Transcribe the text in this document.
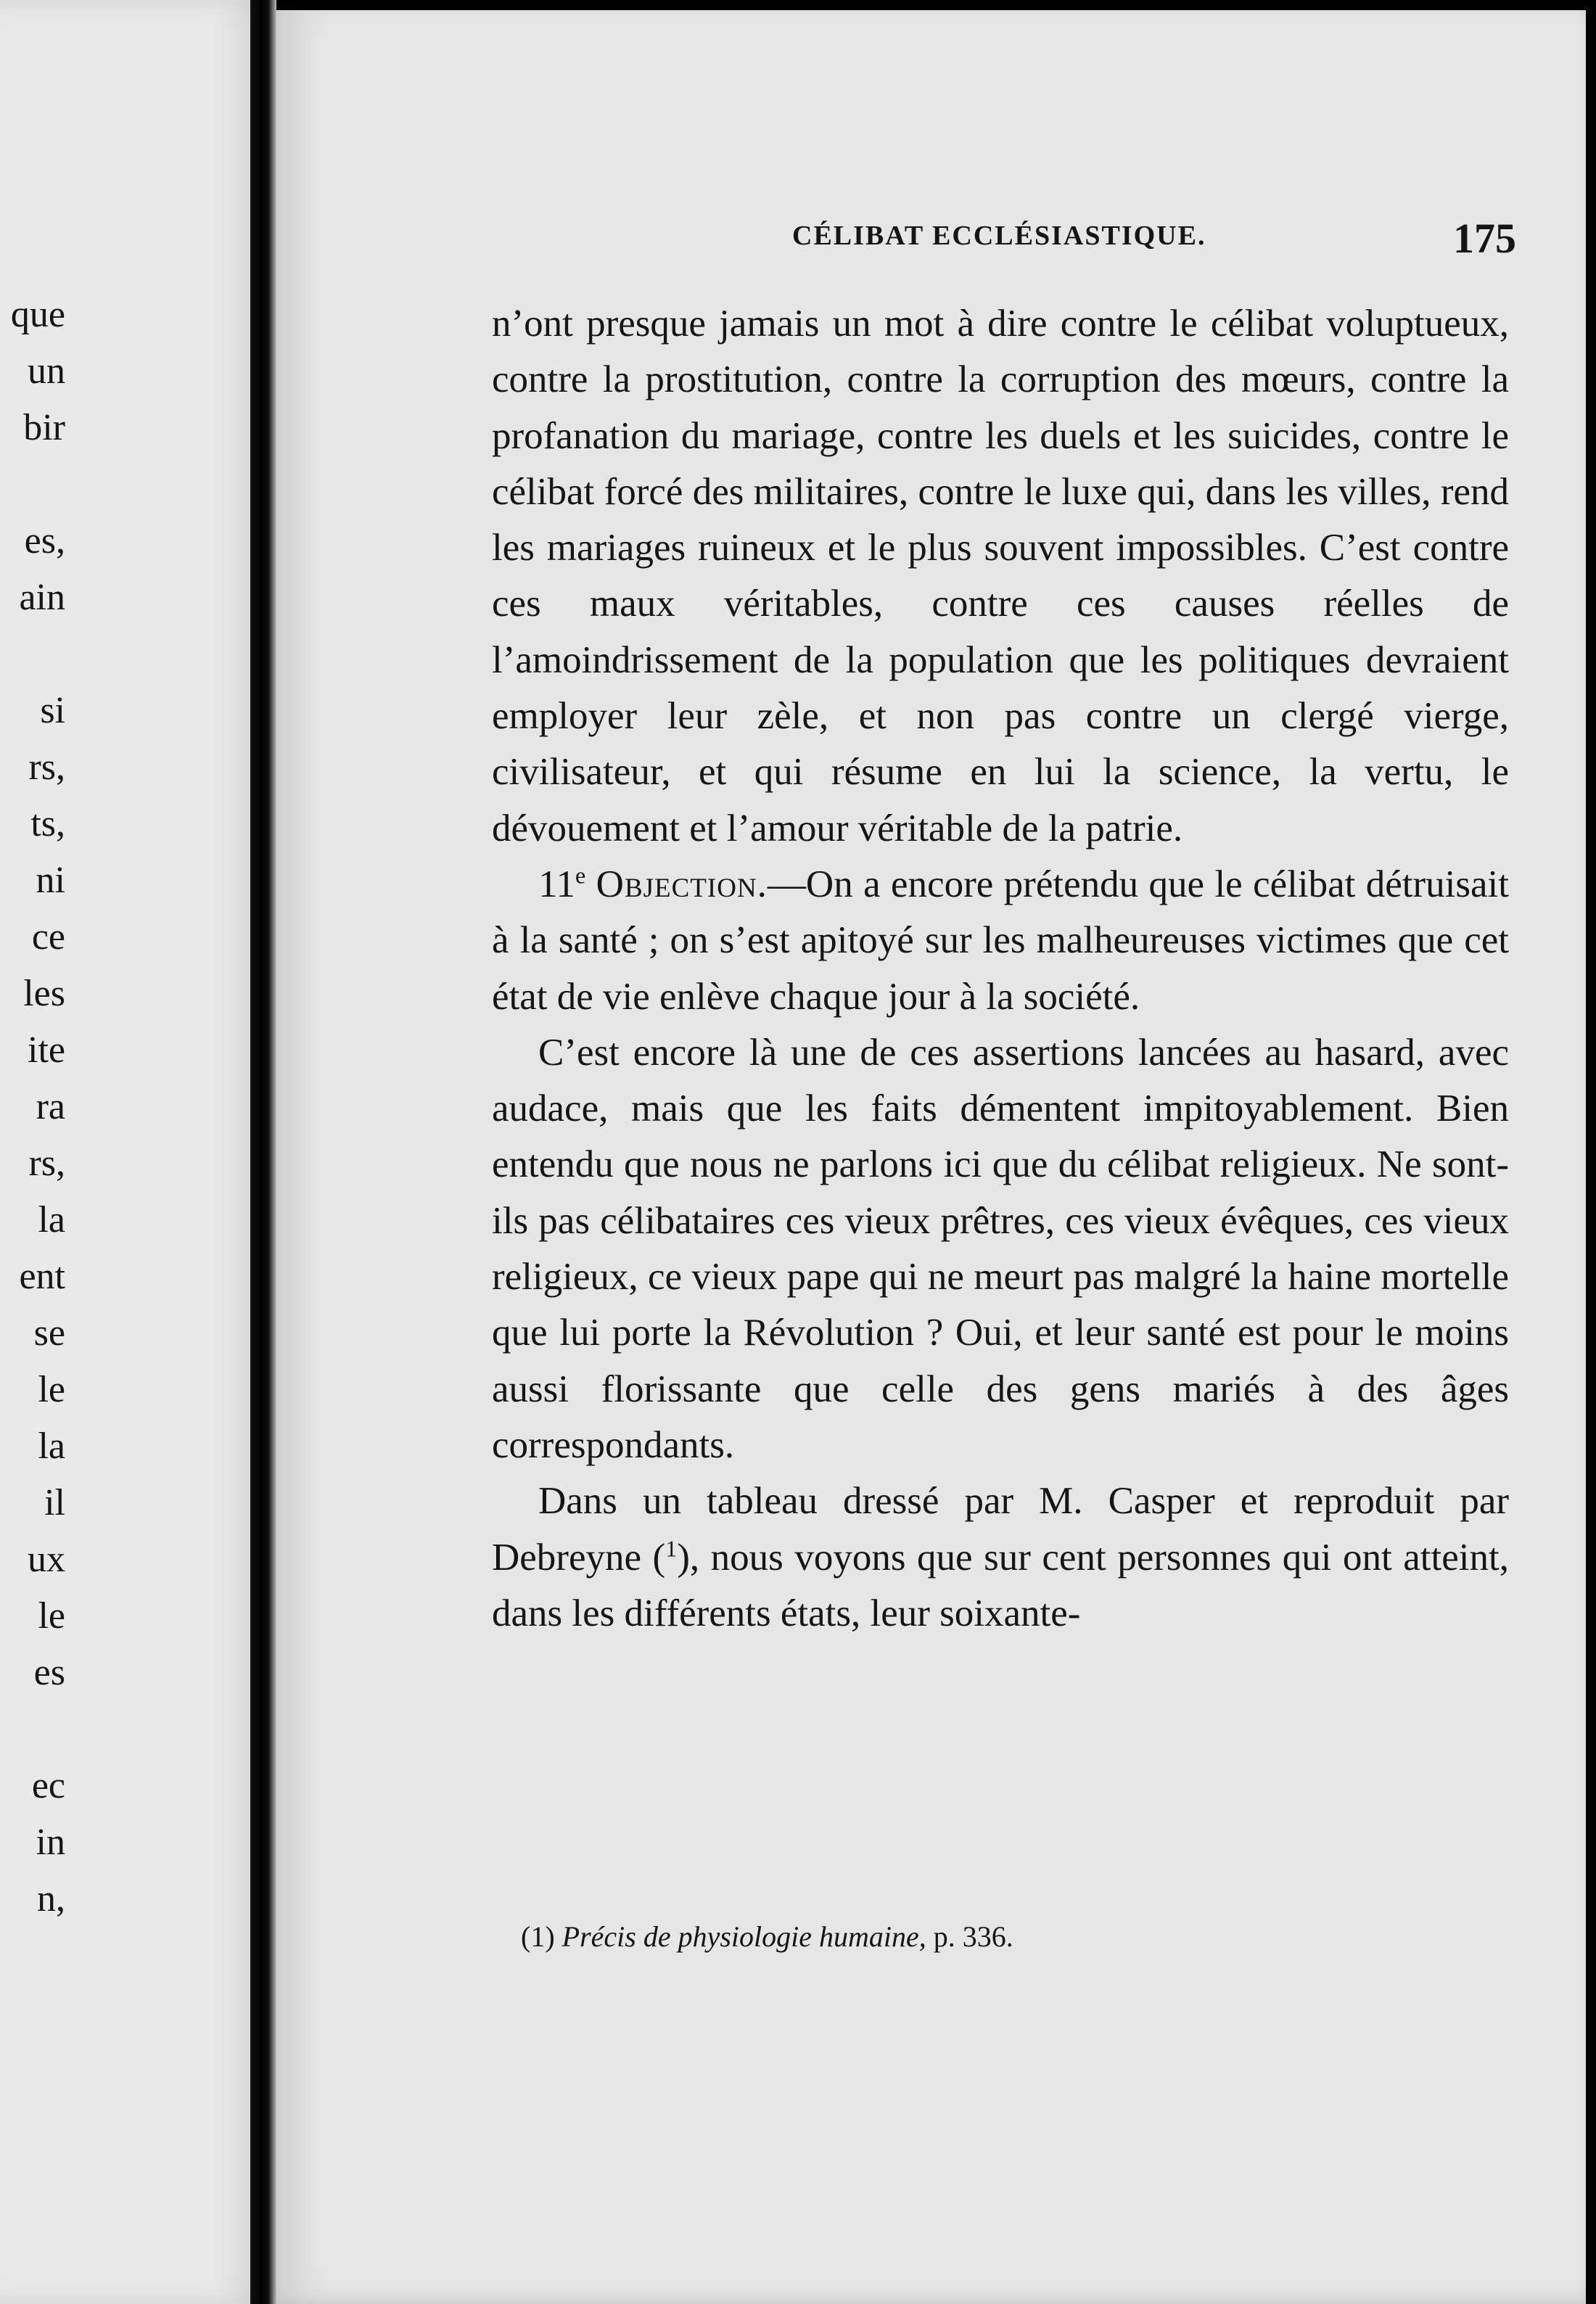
que
un
bir
es,
ain
si
rs,
ts,
ni
ce
les
ite
ra
rs,
la
ent
se
le
la
il
ux
le
es
ec
in
n,
CÉLIBAT ECCLÉSIASTIQUE.	175

n’ont presque jamais un mot à dire contre le célibat voluptueux, contre la prostitution, contre la corruption des mœurs, contre la profanation du mariage, contre les duels et les suicides, contre le célibat forcé des militaires, contre le luxe qui, dans les villes, rend les mariages ruineux et le plus souvent impossibles. C’est contre ces maux véritables, contre ces causes réelles de l’amoindrissement de la population que les politiques devraient employer leur zèle, et non pas contre un clergé vierge, civilisateur, et qui résume en lui la science, la vertu, le dévouement et l’amour véritable de la patrie.

11e Objection.—On a encore prétendu que le célibat détruisait à la santé ; on s’est apitoyé sur les malheureuses victimes que cet état de vie enlève chaque jour à la société.

C’est encore là une de ces assertions lancées au hasard, avec audace, mais que les faits démentent impitoyablement. Bien entendu que nous ne parlons ici que du célibat religieux. Ne sont-ils pas célibataires ces vieux prêtres, ces vieux évêques, ces vieux religieux, ce vieux pape qui ne meurt pas malgré la haine mortelle que lui porte la Révolution ? Oui, et leur santé est pour le moins aussi florissante que celle des gens mariés à des âges correspondants.

Dans un tableau dressé par M. Casper et reproduit par Debreyne ($^1$), nous voyons que sur cent personnes qui ont atteint, dans les différents états, leur soixante-

(1) Précis de physiologie humaine, p. 336.
